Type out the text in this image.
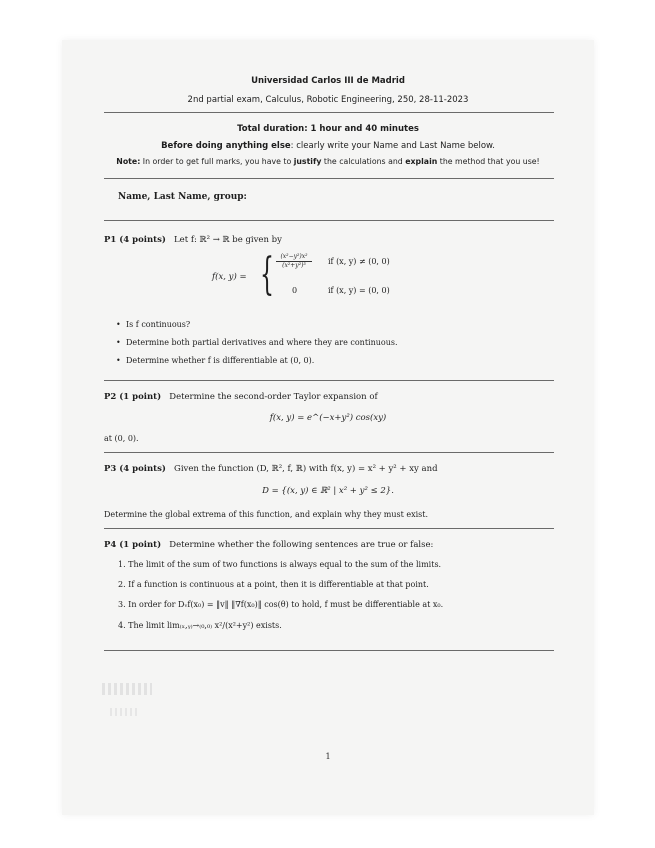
Universidad Carlos III de Madrid
2nd partial exam, Calculus, Robotic Engineering, 250, 28-11-2023
Total duration: 1 hour and 40 minutes
Before doing anything else: clearly write your Name and Last Name below.
Note: In order to get full marks, you have to justify the calculations and explain the method that you use!
Name, Last Name, group:
P1 (4 points) Let f: ℝ² → ℝ be given by
f(x, y) = {	(x²−y²)x²
(x²+y²)³	if (x, y) ≠ (0, 0)
0	if (x, y) = (0, 0)
• Is f continuous?
• Determine both partial derivatives and where they are continuous.
• Determine whether f is differentiable at (0, 0).
P2 (1 point) Determine the second-order Taylor expansion of
f(x, y) = e^(−x+y²) cos(xy)
at (0, 0).
P3 (4 points) Given the function (D, ℝ², f, ℝ) with f(x, y) = x² + y² + xy and
D = {(x, y) ∈ ℝ² | x² + y² ≤ 2}.
Determine the global extrema of this function, and explain why they must exist.
P4 (1 point) Determine whether the following sentences are true or false:
1. The limit of the sum of two functions is always equal to the sum of the limits.
2. If a function is continuous at a point, then it is differentiable at that point.
3. In order for Dᵥf(x₀) = ‖v‖ ‖∇f(x₀)‖ cos(θ) to hold, f must be differentiable at x₀.
4. The limit lim₍ₓ,ᵧ₎→₍₀,₀₎ x²/(x²+y²) exists.
1
